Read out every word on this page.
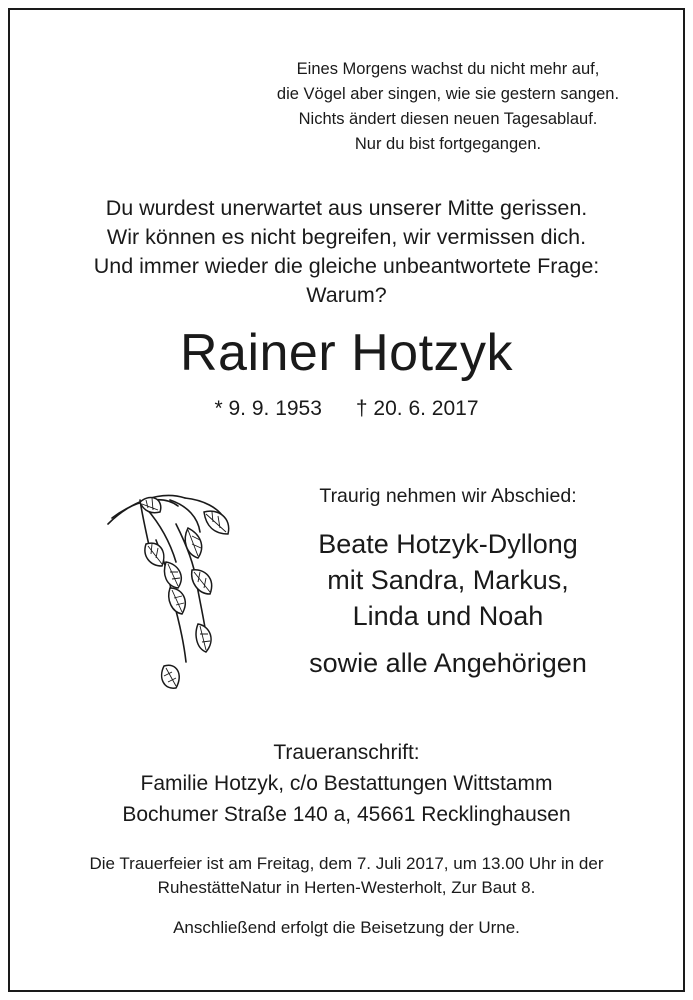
Eines Morgens wachst du nicht mehr auf,
die Vögel aber singen, wie sie gestern sangen.
Nichts ändert diesen neuen Tagesablauf.
Nur du bist fortgegangen.
Du wurdest unerwartet aus unserer Mitte gerissen.
Wir können es nicht begreifen, wir vermissen dich.
Und immer wieder die gleiche unbeantwortete Frage:
Warum?
Rainer Hotzyk
* 9. 9. 1953 † 20. 6. 2017
Traurig nehmen wir Abschied:
Beate Hotzyk-Dyllong
mit Sandra, Markus,
Linda und Noah
sowie alle Angehörigen
Traueranschrift:
Familie Hotzyk, c/o Bestattungen Wittstamm
Bochumer Straße 140 a, 45661 Recklinghausen
Die Trauerfeier ist am Freitag, dem 7. Juli 2017, um 13.00 Uhr in der
RuhestätteNatur in Herten-Westerholt, Zur Baut 8.
Anschließend erfolgt die Beisetzung der Urne.
